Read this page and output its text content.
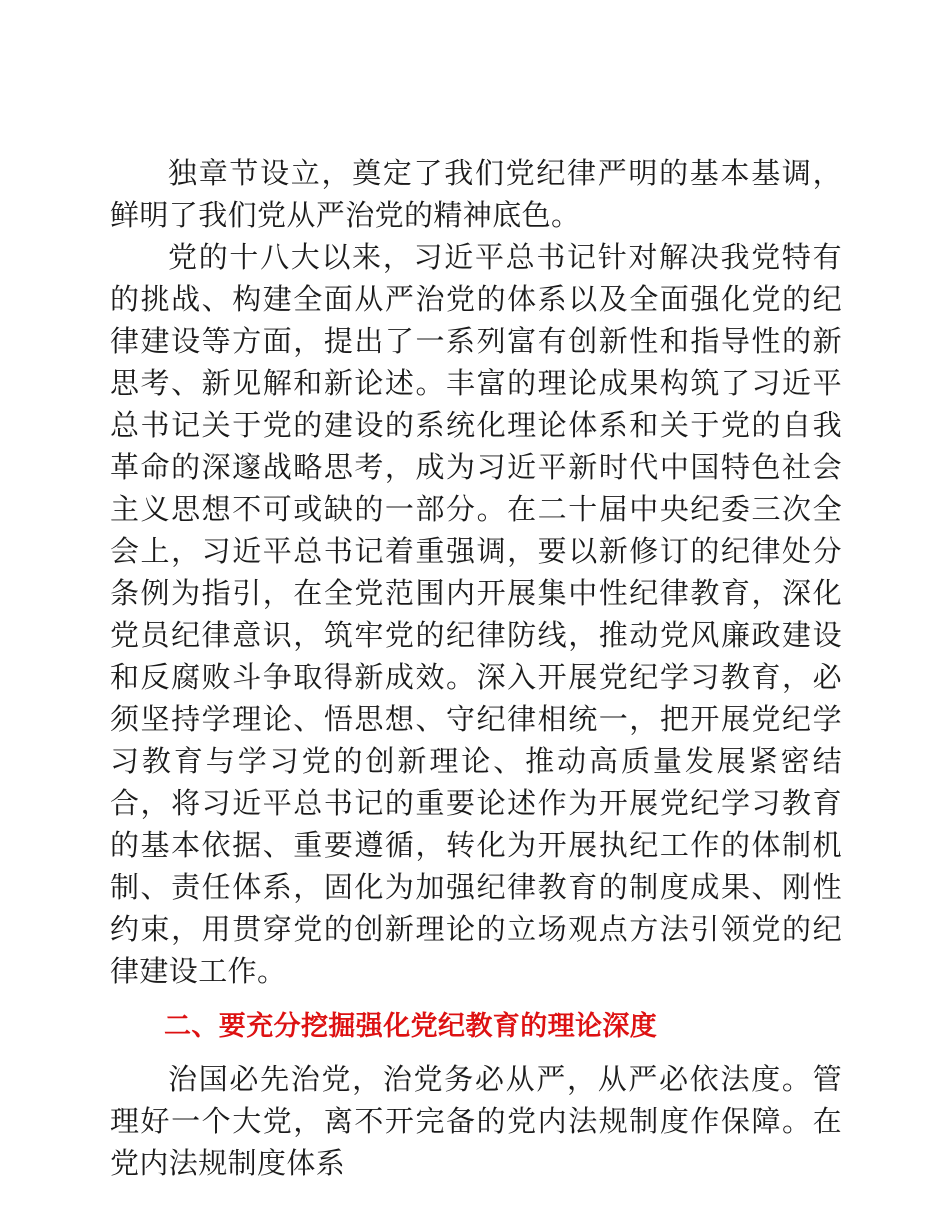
独章节设立，奠定了我们党纪律严明的基本基调，鲜明了我们党从严治党的精神底色。

党的十八大以来，习近平总书记针对解决我党特有的挑战、构建全面从严治党的体系以及全面强化党的纪律建设等方面，提出了一系列富有创新性和指导性的新思考、新见解和新论述。丰富的理论成果构筑了习近平总书记关于党的建设的系统化理论体系和关于党的自我革命的深邃战略思考，成为习近平新时代中国特色社会主义思想不可或缺的一部分。在二十届中央纪委三次全会上，习近平总书记着重强调，要以新修订的纪律处分条例为指引，在全党范围内开展集中性纪律教育，深化党员纪律意识，筑牢党的纪律防线，推动党风廉政建设和反腐败斗争取得新成效。深入开展党纪学习教育，必须坚持学理论、悟思想、守纪律相统一，把开展党纪学习教育与学习党的创新理论、推动高质量发展紧密结合，将习近平总书记的重要论述作为开展党纪学习教育的基本依据、重要遵循，转化为开展执纪工作的体制机制、责任体系，固化为加强纪律教育的制度成果、刚性约束，用贯穿党的创新理论的立场观点方法引领党的纪律建设工作。

二、要充分挖掘强化党纪教育的理论深度

治国必先治党，治党务必从严，从严必依法度。管理好一个大党，离不开完备的党内法规制度作保障。在党内法规制度体系
